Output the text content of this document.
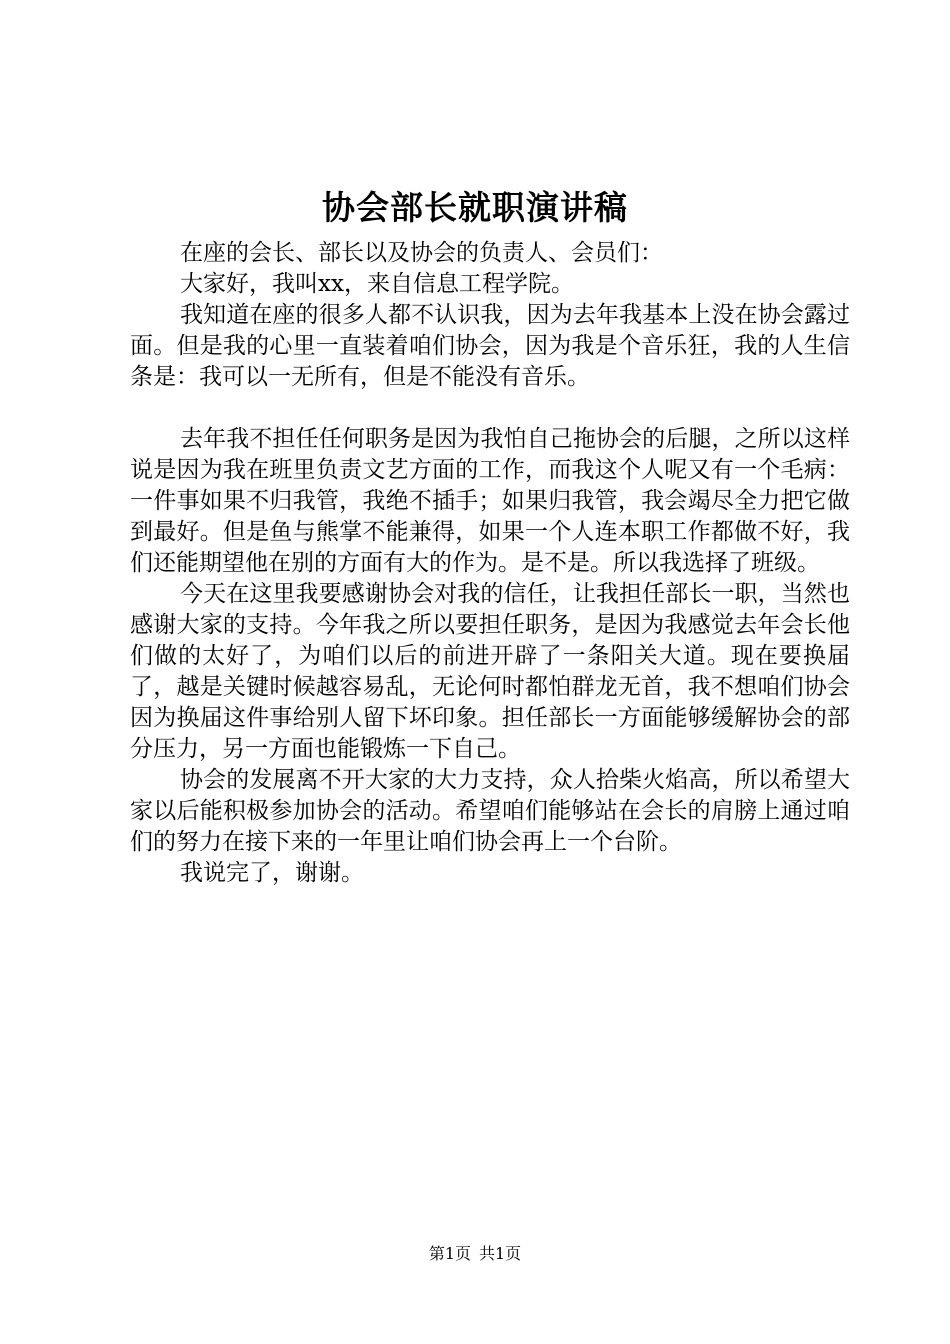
协会部长就职演讲稿

在座的会长、部长以及协会的负责人、会员们：

大家好，我叫xx，来自信息工程学院。

我知道在座的很多人都不认识我，因为去年我基本上没在协会露过面。但是我的心里一直装着咱们协会，因为我是个音乐狂，我的人生信条是：我可以一无所有，但是不能没有音乐。

去年我不担任任何职务是因为我怕自己拖协会的后腿，之所以这样说是因为我在班里负责文艺方面的工作，而我这个人呢又有一个毛病：一件事如果不归我管，我绝不插手；如果归我管，我会竭尽全力把它做到最好。但是鱼与熊掌不能兼得，如果一个人连本职工作都做不好，我们还能期望他在别的方面有大的作为。是不是。所以我选择了班级。

今天在这里我要感谢协会对我的信任，让我担任部长一职，当然也感谢大家的支持。今年我之所以要担任职务，是因为我感觉去年会长他们做的太好了，为咱们以后的前进开辟了一条阳关大道。现在要换届了，越是关键时候越容易乱，无论何时都怕群龙无首，我不想咱们协会因为换届这件事给别人留下坏印象。担任部长一方面能够缓解协会的部分压力，另一方面也能锻炼一下自己。

协会的发展离不开大家的大力支持，众人拾柴火焰高，所以希望大家以后能积极参加协会的活动。希望咱们能够站在会长的肩膀上通过咱们的努力在接下来的一年里让咱们协会再上一个台阶。

我说完了，谢谢。

第1页 共1页
